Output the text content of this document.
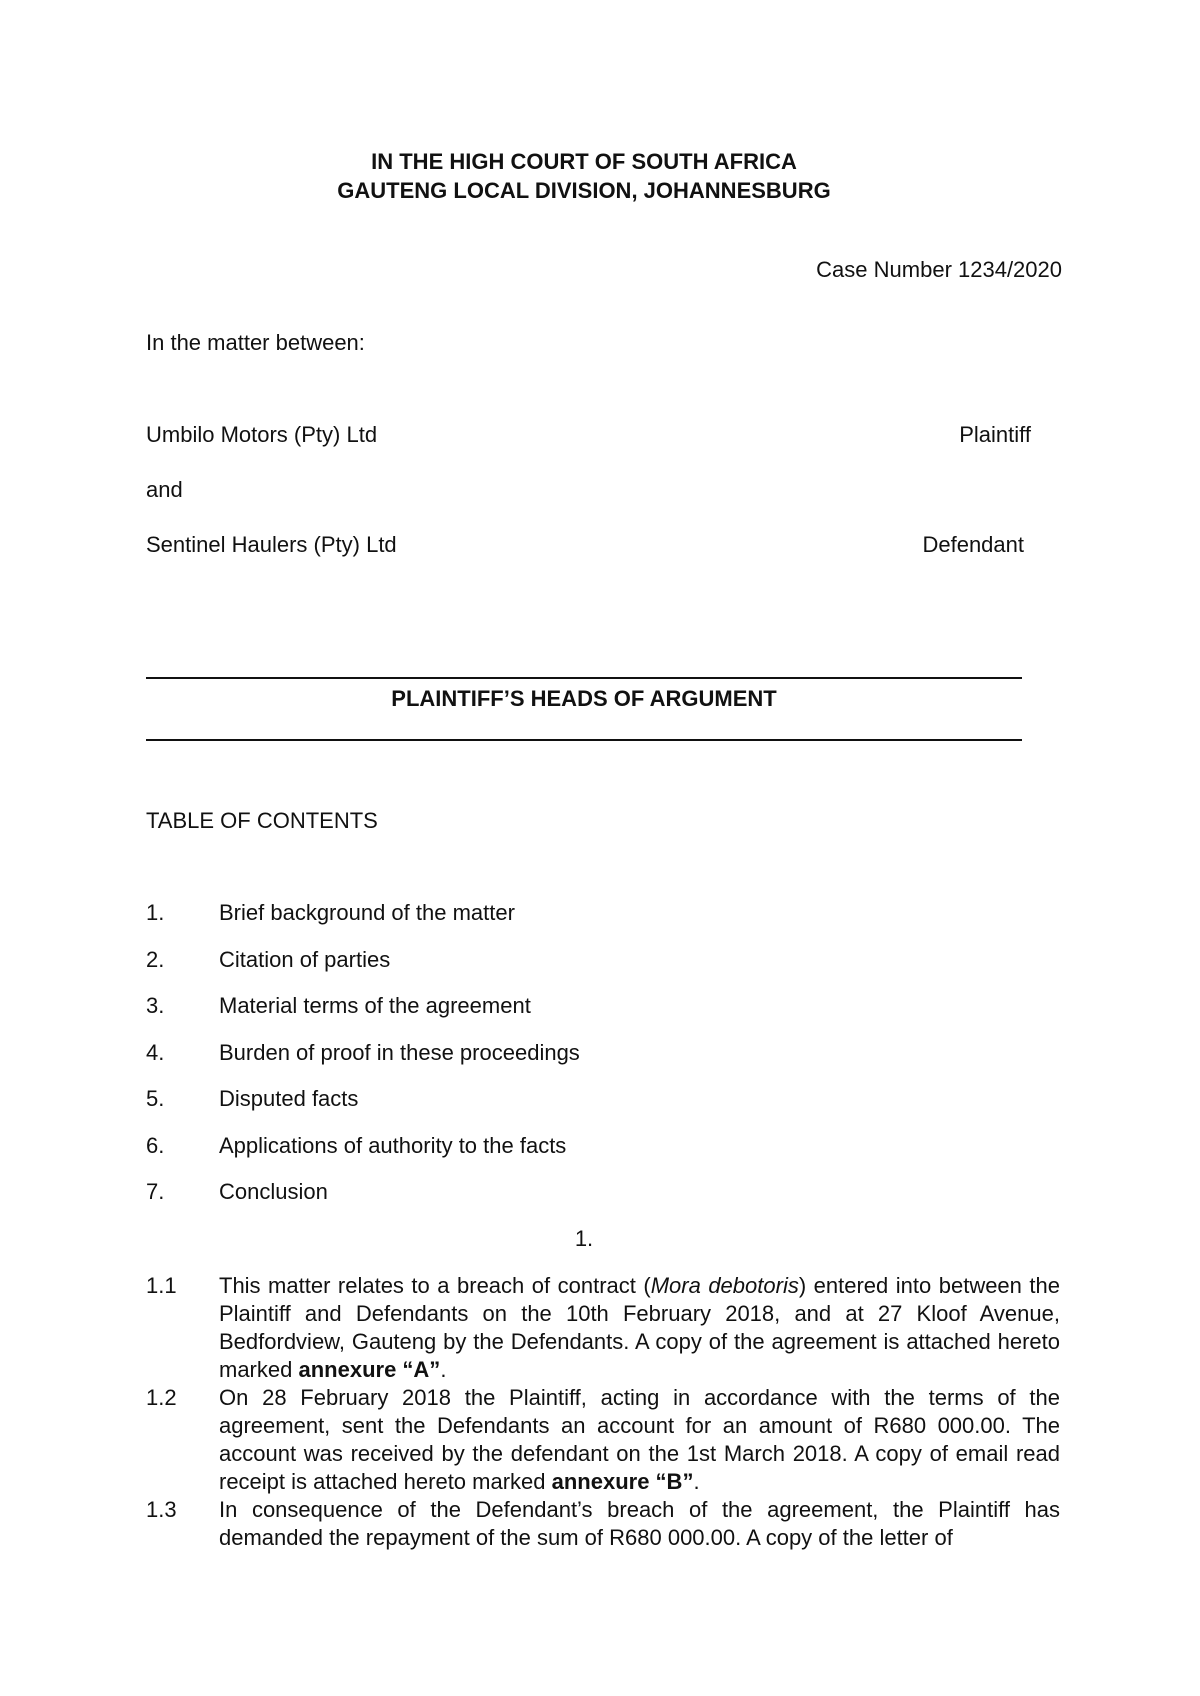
IN THE HIGH COURT OF SOUTH AFRICA
GAUTENG LOCAL DIVISION, JOHANNESBURG
Case Number 1234/2020
In the matter between:
Umbilo Motors (Pty) Ltd	Plaintiff
and
Sentinel Haulers (Pty) Ltd	Defendant
PLAINTIFF’S HEADS OF ARGUMENT
TABLE OF CONTENTS
1. Brief background of the matter
2. Citation of parties
3. Material terms of the agreement
4. Burden of proof in these proceedings
5. Disputed facts
6. Applications of authority to the facts
7. Conclusion
1.
1.1	This matter relates to a breach of contract (Mora debotoris) entered into between the Plaintiff and Defendants on the 10th February 2018, and at 27 Kloof Avenue, Bedfordview, Gauteng by the Defendants. A copy of the agreement is attached hereto marked annexure “A”.
1.2	On 28 February 2018 the Plaintiff, acting in accordance with the terms of the agreement, sent the Defendants an account for an amount of R680 000.00. The account was received by the defendant on the 1st March 2018. A copy of email read receipt is attached hereto marked annexure “B”.
1.3	In consequence of the Defendant’s breach of the agreement, the Plaintiff has demanded the repayment of the sum of R680 000.00. A copy of the letter of
